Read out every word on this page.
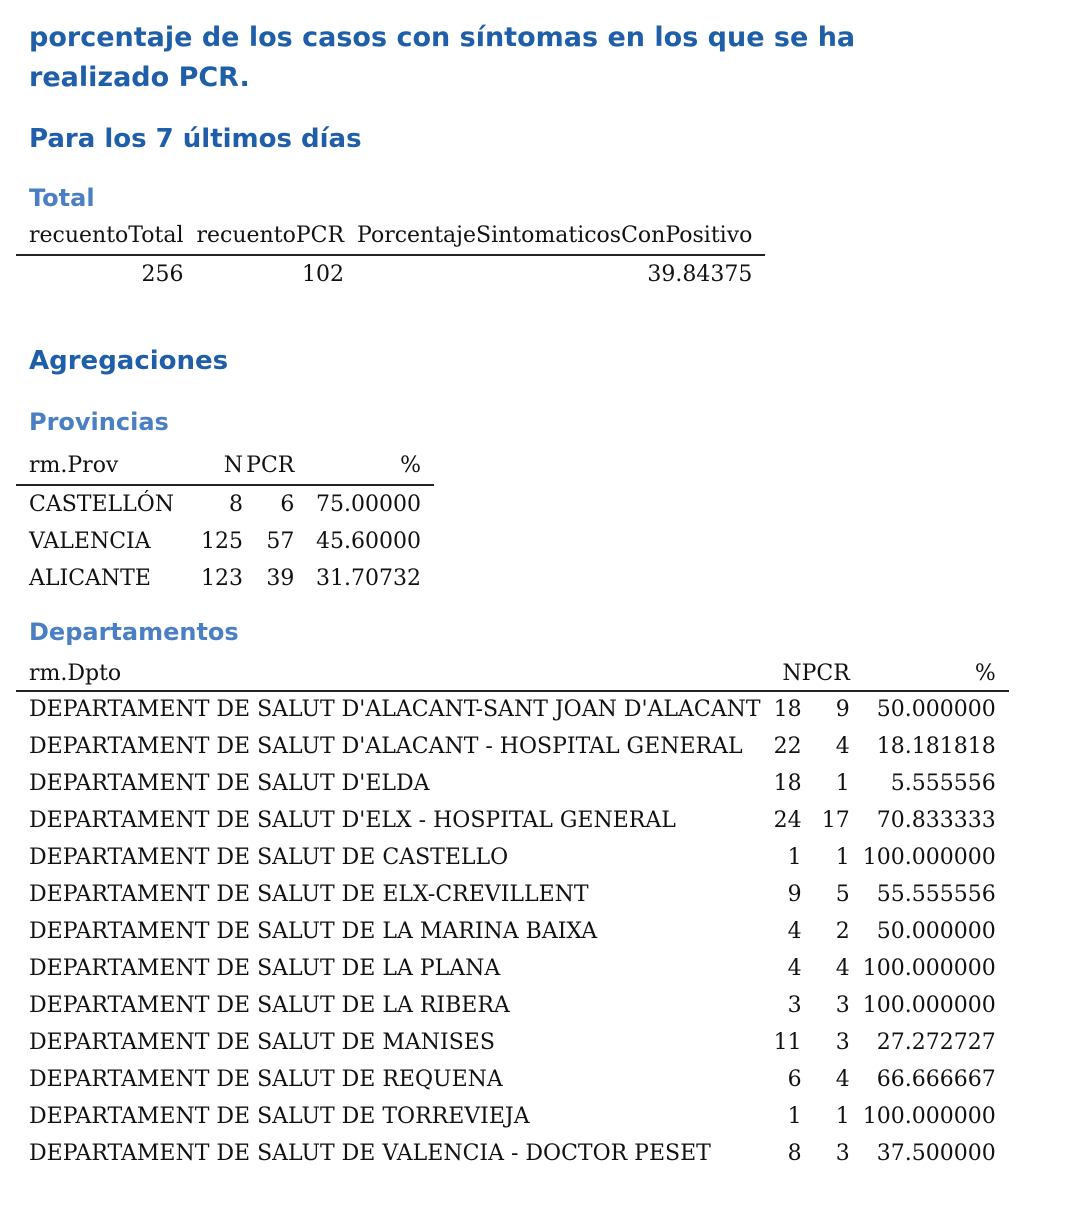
porcentaje de los casos con síntomas en los que se ha realizado PCR.
Para los 7 últimos días
Total
recuentoTotal	recuentoPCR	PorcentajeSintomaticosConPositivo
256	102	39.84375
Agregaciones
Provincias
rm.Prov	N	PCR	%
CASTELLÓN	8	6	75.00000
VALENCIA	125	57	45.60000
ALICANTE	123	39	31.70732
Departamentos
rm.Dpto	N	PCR	%
DEPARTAMENT DE SALUT D'ALACANT-SANT JOAN D'ALACANT	18	9	50.000000
DEPARTAMENT DE SALUT D'ALACANT - HOSPITAL GENERAL	22	4	18.181818
DEPARTAMENT DE SALUT D'ELDA	18	1	5.555556
DEPARTAMENT DE SALUT D'ELX - HOSPITAL GENERAL	24	17	70.833333
DEPARTAMENT DE SALUT DE CASTELLO	1	1	100.000000
DEPARTAMENT DE SALUT DE ELX-CREVILLENT	9	5	55.555556
DEPARTAMENT DE SALUT DE LA MARINA BAIXA	4	2	50.000000
DEPARTAMENT DE SALUT DE LA PLANA	4	4	100.000000
DEPARTAMENT DE SALUT DE LA RIBERA	3	3	100.000000
DEPARTAMENT DE SALUT DE MANISES	11	3	27.272727
DEPARTAMENT DE SALUT DE REQUENA	6	4	66.666667
DEPARTAMENT DE SALUT DE TORREVIEJA	1	1	100.000000
DEPARTAMENT DE SALUT DE VALENCIA - DOCTOR PESET	8	3	37.500000
